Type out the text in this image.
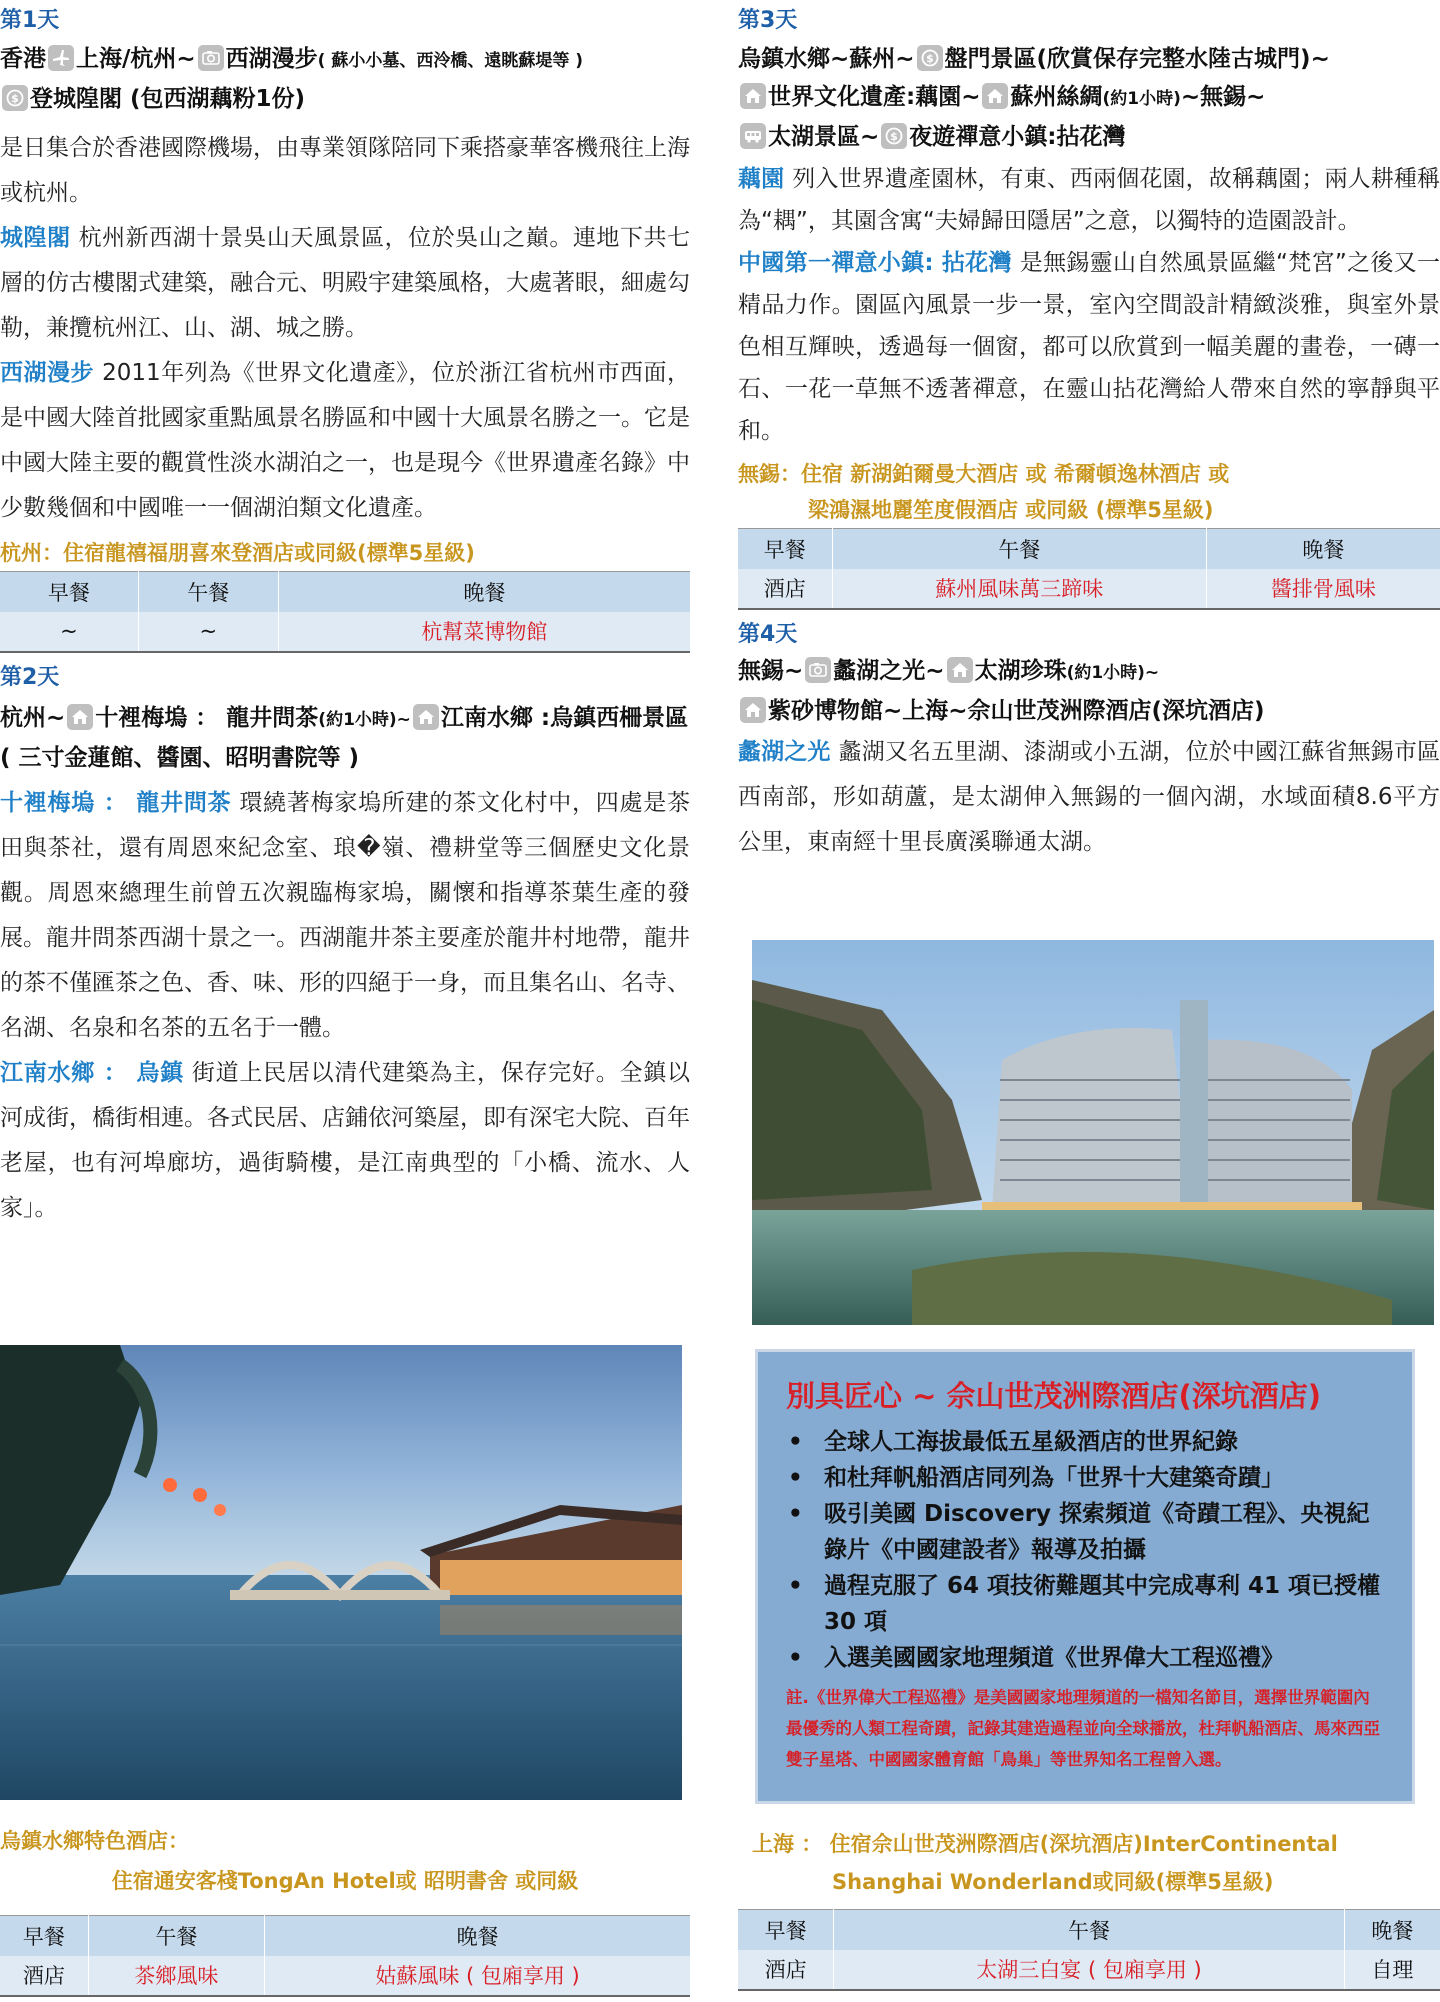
第1天
香港 上海/杭州~ 西湖漫步( 蘇小小墓、西泠橋、遠眺蘇堤等 )
$ 登城隍閣 (包西湖藕粉1份)
是日集合於香港國際機場，由專業領隊陪同下乘搭豪華客機飛往上海或杭州。
城隍閣 杭州新西湖十景吳山天風景區，位於吳山之巔。連地下共七層的仿古樓閣式建築，融合元、明殿宇建築風格，大處著眼，細處勾勒，兼攬杭州江、山、湖、城之勝。
西湖漫步 2011年列為《世界文化遺產》，位於浙江省杭州市西面，是中國大陸首批國家重點風景名勝區和中國十大風景名勝之一。它是中國大陸主要的觀賞性淡水湖泊之一，也是現今《世界遺產名錄》中少數幾個和中國唯一一個湖泊類文化遺產。
杭州：住宿龍禧福朋喜來登酒店或同級(標準5星級)
早餐	午餐	晚餐
~	~	杭幫菜博物館
第2天
杭州~ 十裡梅塢 ： 龍井問茶(約1小時)~ 江南水鄉 :烏鎮西柵景區 ( 三寸金蓮館、醬園、昭明書院等 )
十裡梅塢 ： 龍井問茶 環繞著梅家塢所建的茶文化村中，四處是茶田與茶社，還有周恩來紀念室、琅�嶺、禮耕堂等三個歷史文化景觀。周恩來總理生前曾五次親臨梅家塢，關懷和指導茶葉生產的發展。龍井問茶西湖十景之一。西湖龍井茶主要產於龍井村地帶，龍井的茶不僅匯茶之色、香、味、形的四絕于一身，而且集名山、名寺、名湖、名泉和名茶的五名于一體。
江南水鄉 ： 烏鎮 街道上民居以清代建築為主，保存完好。全鎮以河成街，橋街相連。各式民居、店鋪依河築屋，即有深宅大院、百年老屋，也有河埠廊坊，過街騎樓，是江南典型的「小橋、流水、人家」。
烏鎮水鄉特色酒店：
住宿通安客棧TongAn Hotel或 昭明書舍 或同級
早餐	午餐	晚餐
酒店	茶鄉風味	姑蘇風味 ( 包廂享用 )
第3天
烏鎮水鄉~蘇州~ $ 盤門景區(欣賞保存完整水陸古城門)~
世界文化遺產:藕園~ 蘇州絲綢(約1小時)~無錫~
太湖景區~ $ 夜遊禪意小鎮:拈花灣
藕園 列入世界遺產園林，有東、西兩個花園，故稱藕園；兩人耕種稱為“耦”，其園含寓“夫婦歸田隱居”之意，以獨特的造園設計。
中國第一禪意小鎮: 拈花灣 是無錫靈山自然風景區繼“梵宮”之後又一精品力作。園區內風景一步一景，室內空間設計精緻淡雅，與室外景色相互輝映，透過每一個窗，都可以欣賞到一幅美麗的畫卷，一磚一石、一花一草無不透著禪意，在靈山拈花灣給人帶來自然的寧靜與平和。
無錫：住宿 新湖鉑爾曼大酒店 或 希爾頓逸林酒店 或
梁鴻濕地麗笙度假酒店 或同級 (標準5星級)
早餐	午餐	晚餐
酒店	蘇州風味萬三蹄味	醬排骨風味
第4天
無錫~ 蠡湖之光~ 太湖珍珠(約1小時)~
紫砂博物館~上海~佘山世茂洲際酒店(深坑酒店)
蠡湖之光 蠡湖又名五里湖、漆湖或小五湖，位於中國江蘇省無錫市區西南部，形如葫蘆，是太湖伸入無錫的一個內湖，水域面積8.6平方公里，東南經十里長廣溪聯通太湖。
別具匠心 ~ 佘山世茂洲際酒店(深坑酒店)
• 全球人工海拔最低五星級酒店的世界紀錄
• 和杜拜帆船酒店同列為「世界十大建築奇蹟」
• 吸引美國 Discovery 探索頻道《奇蹟工程》、央視紀錄片《中國建設者》報導及拍攝
• 過程克服了 64 項技術難題其中完成專利 41 項已授權 30 項
• 入選美國國家地理頻道《世界偉大工程巡禮》
註.《世界偉大工程巡禮》是美國國家地理頻道的一檔知名節目，選擇世界範圍內最優秀的人類工程奇蹟，記錄其建造過程並向全球播放，杜拜帆船酒店、馬來西亞雙子星塔、中國國家體育館「鳥巢」等世界知名工程曾入選。
上海 ： 住宿佘山世茂洲際酒店(深坑酒店)InterContinental
Shanghai Wonderland或同級(標準5星級)
早餐	午餐	晚餐
酒店	太湖三白宴 ( 包廂享用 )	自理
